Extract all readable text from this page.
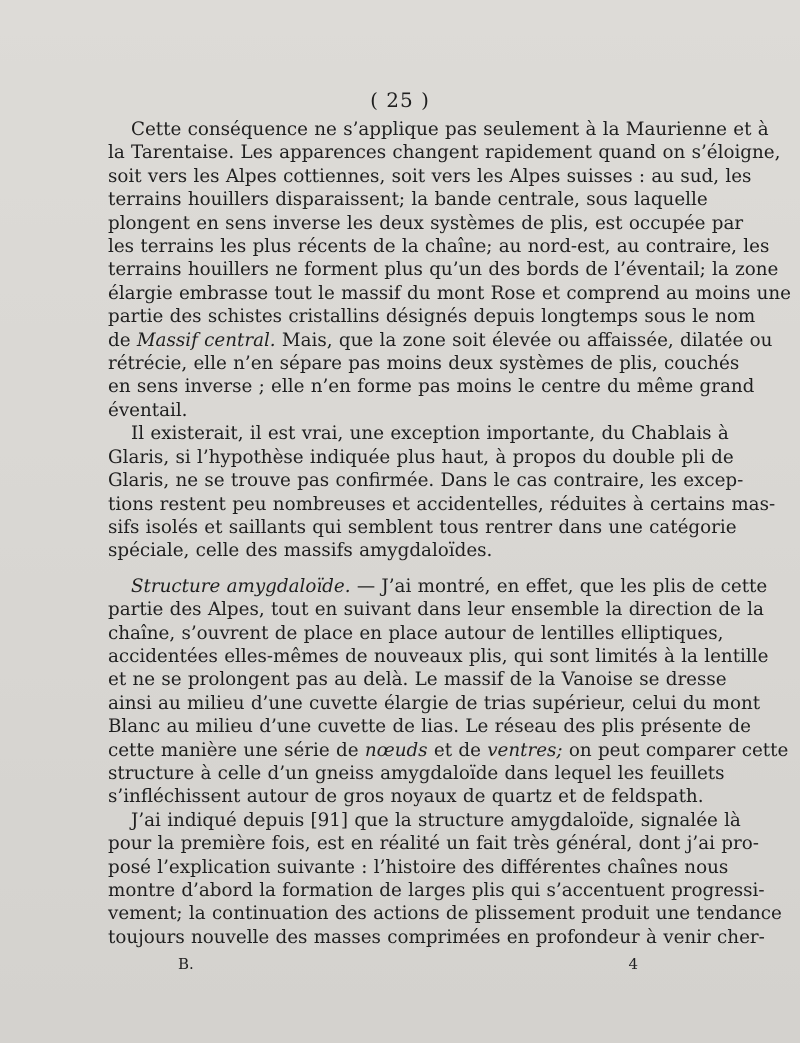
( 25 )

Cette conséquence ne s’applique pas seulement à la Maurienne et à
la Tarentaise. Les apparences changent rapidement quand on s’éloigne,
soit vers les Alpes cottiennes, soit vers les Alpes suisses : au sud, les
terrains houillers disparaissent; la bande centrale, sous laquelle
plongent en sens inverse les deux systèmes de plis, est occupée par
les terrains les plus récents de la chaîne; au nord-est, au contraire, les
terrains houillers ne forment plus qu’un des bords de l’éventail; la zone
élargie embrasse tout le massif du mont Rose et comprend au moins une
partie des schistes cristallins désignés depuis longtemps sous le nom
de Massif central. Mais, que la zone soit élevée ou affaissée, dilatée ou
rétrécie, elle n’en sépare pas moins deux systèmes de plis, couchés
en sens inverse ; elle n’en forme pas moins le centre du même grand
éventail.

Il existerait, il est vrai, une exception importante, du Chablais à
Glaris, si l’hypothèse indiquée plus haut, à propos du double pli de
Glaris, ne se trouve pas confirmée. Dans le cas contraire, les excep-
tions restent peu nombreuses et accidentelles, réduites à certains mas-
sifs isolés et saillants qui semblent tous rentrer dans une catégorie
spéciale, celle des massifs amygdaloïdes.

Structure amygdaloïde. — J’ai montré, en effet, que les plis de cette
partie des Alpes, tout en suivant dans leur ensemble la direction de la
chaîne, s’ouvrent de place en place autour de lentilles elliptiques,
accidentées elles-mêmes de nouveaux plis, qui sont limités à la lentille
et ne se prolongent pas au delà. Le massif de la Vanoise se dresse
ainsi au milieu d’une cuvette élargie de trias supérieur, celui du mont
Blanc au milieu d’une cuvette de lias. Le réseau des plis présente de
cette manière une série de nœuds et de ventres; on peut comparer cette
structure à celle d’un gneiss amygdaloïde dans lequel les feuillets
s’infléchissent autour de gros noyaux de quartz et de feldspath.

J’ai indiqué depuis [91] que la structure amygdaloïde, signalée là
pour la première fois, est en réalité un fait très général, dont j’ai pro-
posé l’explication suivante : l’histoire des différentes chaînes nous
montre d’abord la formation de larges plis qui s’accentuent progressi-
vement; la continuation des actions de plissement produit une tendance
toujours nouvelle des masses comprimées en profondeur à venir cher-

B.	4
